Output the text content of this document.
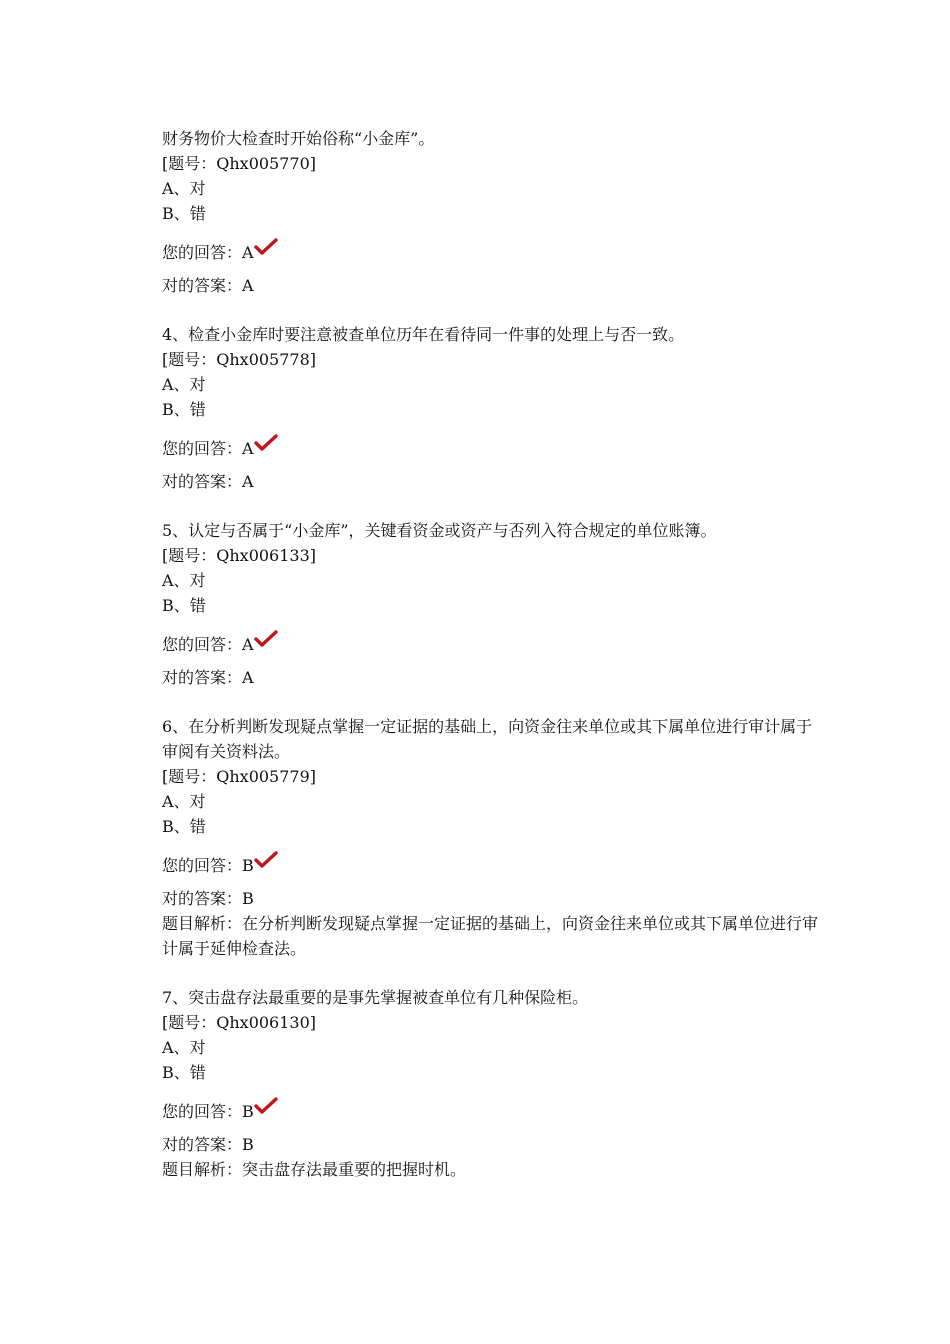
财务物价大检查时开始俗称“小金库”。
[题号：Qhx005770]
A、对
B、错
您的回答：A
对的答案：A
4、检查小金库时要注意被查单位历年在看待同一件事的处理上与否一致。
[题号：Qhx005778]
A、对
B、错
您的回答：A
对的答案：A
5、认定与否属于“小金库”，关键看资金或资产与否列入符合规定的单位账簿。
[题号：Qhx006133]
A、对
B、错
您的回答：A
对的答案：A
6、在分析判断发现疑点掌握一定证据的基础上，向资金往来单位或其下属单位进行审计属于审阅有关资料法。
[题号：Qhx005779]
A、对
B、错
您的回答：B
对的答案：B
题目解析：在分析判断发现疑点掌握一定证据的基础上，向资金往来单位或其下属单位进行审计属于延伸检查法。
7、突击盘存法最重要的是事先掌握被查单位有几种保险柜。
[题号：Qhx006130]
A、对
B、错
您的回答：B
对的答案：B
题目解析：突击盘存法最重要的把握时机。
